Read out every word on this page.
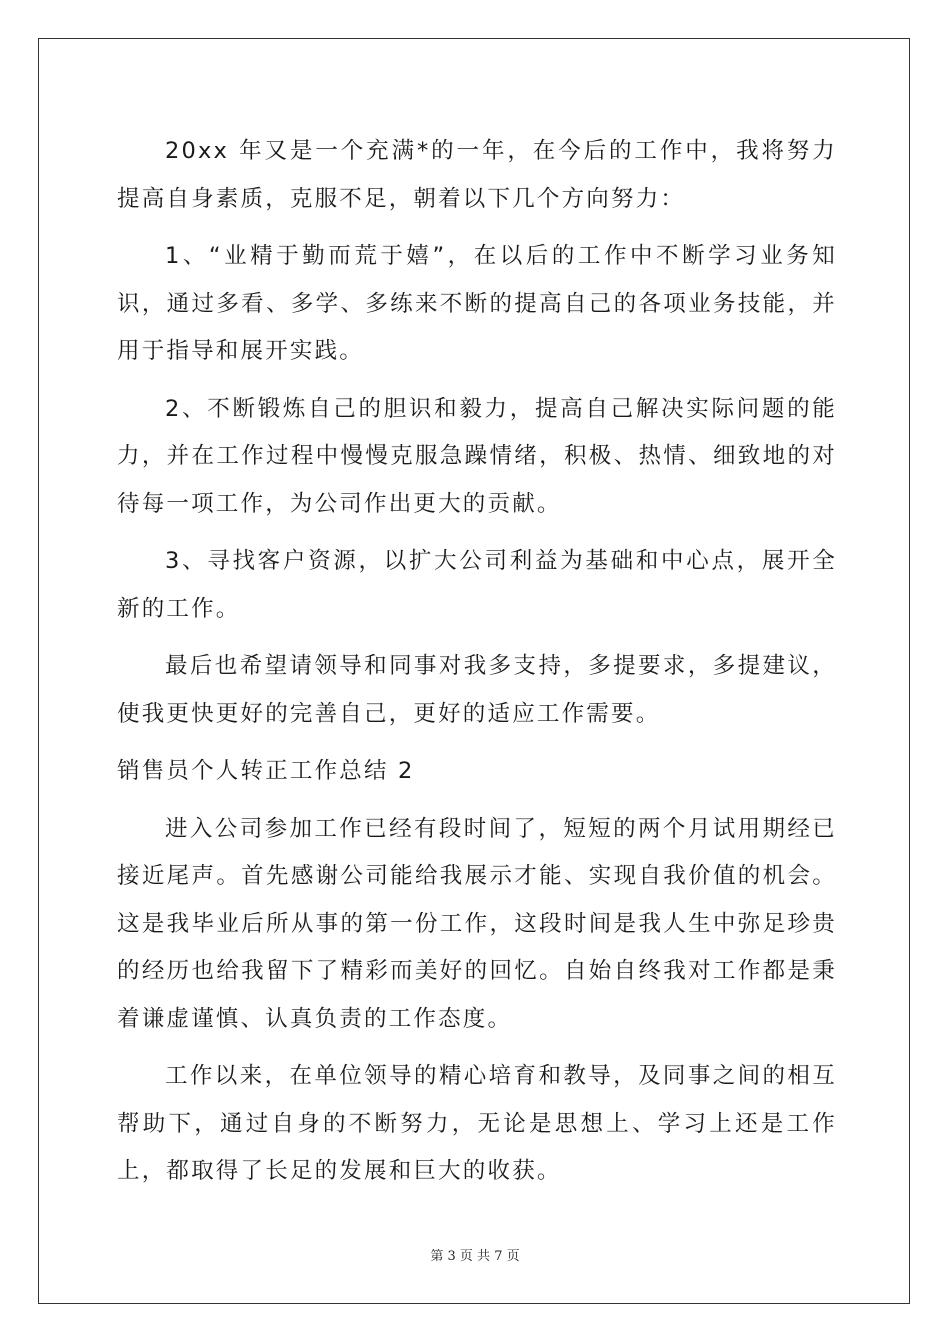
20xx 年又是一个充满*的一年，在今后的工作中，我将努力提高自身素质，克服不足，朝着以下几个方向努力：

1、“业精于勤而荒于嬉”，在以后的工作中不断学习业务知识，通过多看、多学、多练来不断的提高自己的各项业务技能，并用于指导和展开实践。

2、不断锻炼自己的胆识和毅力，提高自己解决实际问题的能力，并在工作过程中慢慢克服急躁情绪，积极、热情、细致地的对待每一项工作，为公司作出更大的贡献。

3、寻找客户资源，以扩大公司利益为基础和中心点，展开全新的工作。

最后也希望请领导和同事对我多支持，多提要求，多提建议，使我更快更好的完善自己，更好的适应工作需要。

销售员个人转正工作总结 2

进入公司参加工作已经有段时间了，短短的两个月试用期经已接近尾声。首先感谢公司能给我展示才能、实现自我价值的机会。这是我毕业后所从事的第一份工作，这段时间是我人生中弥足珍贵的经历也给我留下了精彩而美好的回忆。自始自终我对工作都是秉着谦虚谨慎、认真负责的工作态度。

工作以来，在单位领导的精心培育和教导，及同事之间的相互帮助下，通过自身的不断努力，无论是思想上、学习上还是工作上，都取得了长足的发展和巨大的收获。

第 3 页 共 7 页
